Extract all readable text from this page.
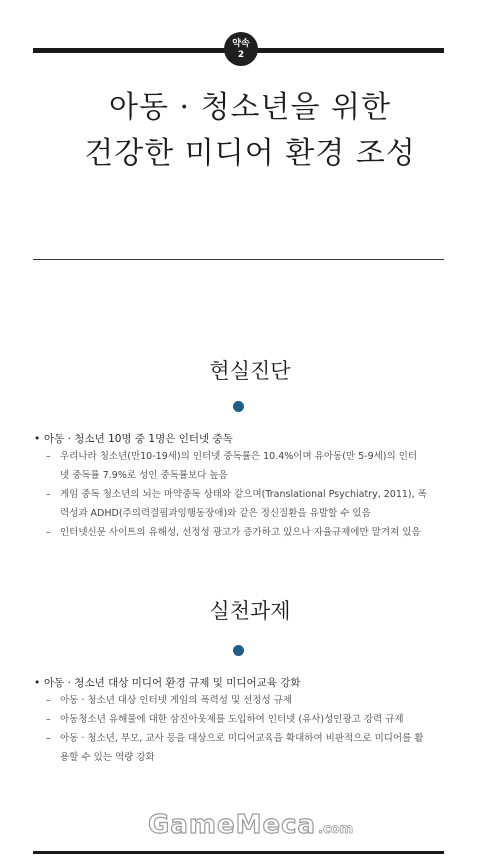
약속
2
아동 · 청소년을 위한
건강한 미디어 환경 조성
현실진단
• 아동 · 청소년 10명 중 1명은 인터넷 중독
– 우리나라 청소년(만10-19세)의 인터넷 중독률은 10.4%이며 유아동(만 5-9세)의 인터
넷 중독률 7.9%로 성인 중독률보다 높음
– 게임 중독 청소년의 뇌는 마약중독 상태와 같으며(Translational Psychiatry, 2011), 폭
력성과 ADHD(주의력결핍과잉행동장애)와 같은 정신질환을 유발할 수 있음
– 인터넷신문 사이트의 유해성, 선정성 광고가 증가하고 있으나 자율규제에만 맡겨져 있음
실천과제
• 아동 · 청소년 대상 미디어 환경 규제 및 미디어교육 강화
– 아동 · 청소년 대상 인터넷 게임의 폭력성 및 선정성 규제
– 아동청소년 유해물에 대한 삼진아웃제를 도입하여 인터넷 (유사)성인광고 강력 규제
– 아동 · 청소년, 부모, 교사 등을 대상으로 미디어교육을 확대하여 비판적으로 미디어를 활
용할 수 있는 역량 강화
GameMeca .com
